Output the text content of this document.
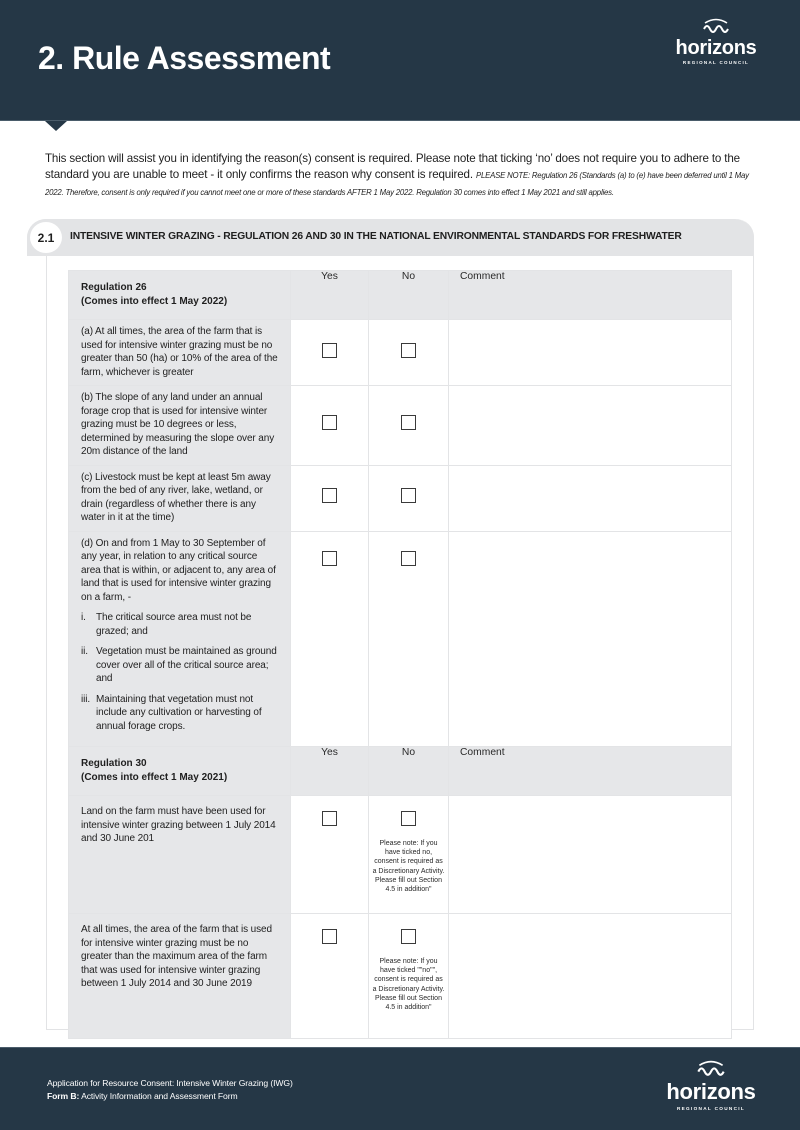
2. Rule Assessment	horizons
REGIONAL COUNCIL
This section will assist you in identifying the reason(s) consent is required. Please note that ticking ‘no’ does not require you to adhere to the standard you are unable to meet - it only confirms the reason why consent is required. PLEASE NOTE: Regulation 26 (Standards (a) to (e) have been deferred until 1 May 2022. Therefore, consent is only required if you cannot meet one or more of these standards AFTER 1 May 2022. Regulation 30 comes into effect 1 May 2021 and still applies.
2.1	INTENSIVE WINTER GRAZING - REGULATION 26 AND 30 IN THE NATIONAL ENVIRONMENTAL STANDARDS FOR FRESHWATER
Regulation 26
(Comes into effect 1 May 2022)	Yes	No	Comment
(a) At all times, the area of the farm that is used for intensive winter grazing must be no greater than 50 (ha) or 10% of the area of the farm, whichever is greater			
(b) The slope of any land under an annual forage crop that is used for intensive winter grazing must be 10 degrees or less, determined by measuring the slope over any 20m distance of the land			
(c) Livestock must be kept at least 5m away from the bed of any river, lake, wetland, or drain (regardless of whether there is any water in it at the time)			

(d) On and from 1 May to 30 September of any year, in relation to any critical source area that is within, or adjacent to, any area of land that is used for intensive winter grazing on a farm, -
i.	The critical source area must not be grazed; and
ii. Vegetation must be maintained as ground cover over all of the critical source area; and
iii. Maintaining that vegetation must not include any cultivation or harvesting of annual forage crops.

Regulation 30
(Comes into effect 1 May 2021)	Yes	No	Comment
Land on the farm must have been used for intensive winter grazing between 1 July 2014 and 30 June 201		Please note: If you have ticked no, consent is required as a Discretionary Activity. Please fill out Section 4.5 in addition"	

At all times, the area of the farm that is used for intensive winter grazing must be no greater than the maximum area of the farm that was used for intensive winter grazing between 1 July 2014 and 30 June 2019		Please note: If you have ticked ""no"", consent is required as a Discretionary Activity. Please fill out Section 4.5 in addition"	

Application for Resource Consent: Intensive Winter Grazing (IWG)
Form B: Activity Information and Assessment Form	horizons
REGIONAL COUNCIL
